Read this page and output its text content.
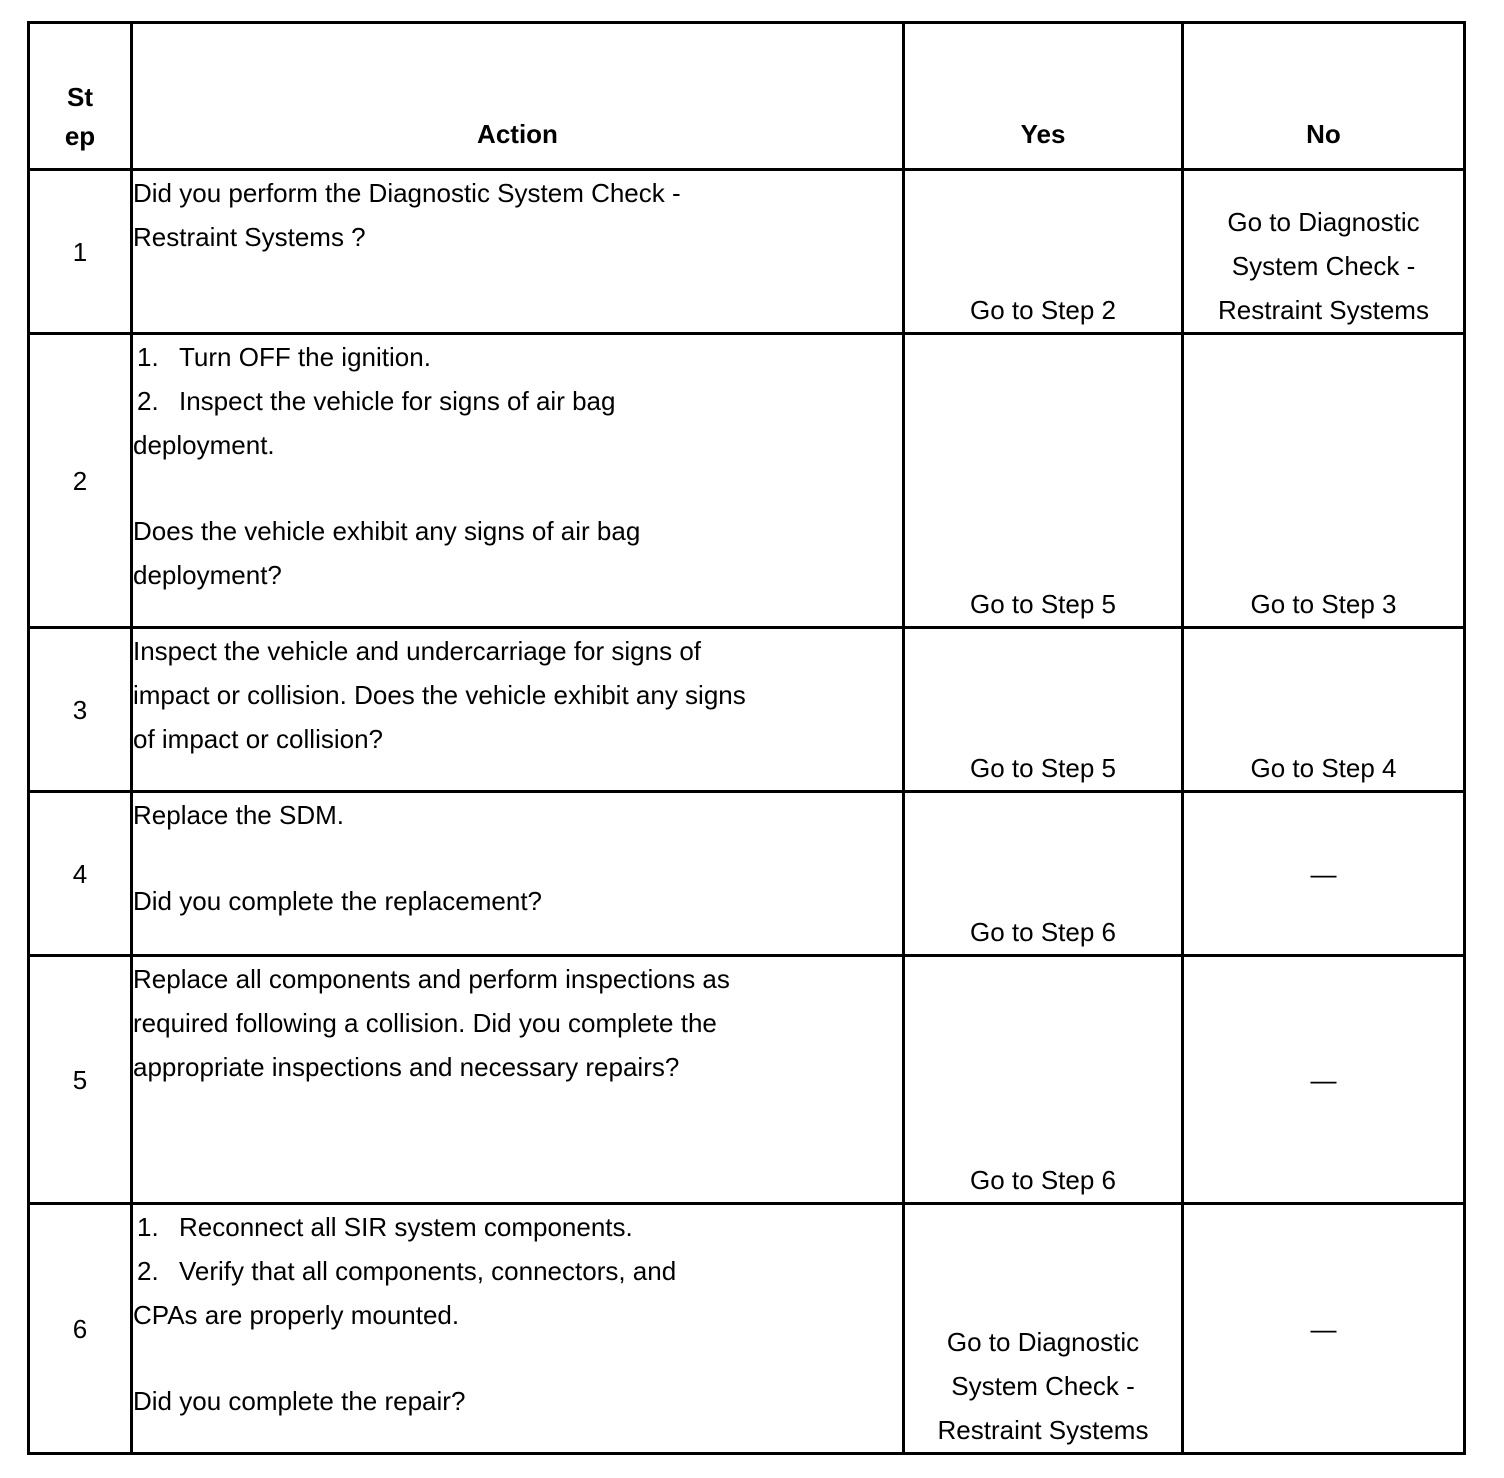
St
ep	Action	Yes	No
1	Did you perform the Diagnostic System Check -
Restraint Systems ?	Go to Step 2	Go to Diagnostic
System Check -
Restraint Systems

2	1. Turn OFF the ignition.
2. Inspect the vehicle for signs of air bag
deployment.
Does the vehicle exhibit any signs of air bag
deployment?	Go to Step 5	Go to Step 3

3	Inspect the vehicle and undercarriage for signs of
impact or collision. Does the vehicle exhibit any signs
of impact or collision?	Go to Step 5	Go to Step 4

4	Replace the SDM.
Did you complete the replacement?	Go to Step 6	—
5	Replace all components and perform inspections as
required following a collision. Did you complete the
appropriate inspections and necessary repairs?	Go to Step 6	—
6	1. Reconnect all SIR system components.
2. Verify that all components, connectors, and
CPAs are properly mounted.
Did you complete the repair?	Go to Diagnostic
System Check -
Restraint Systems	—
